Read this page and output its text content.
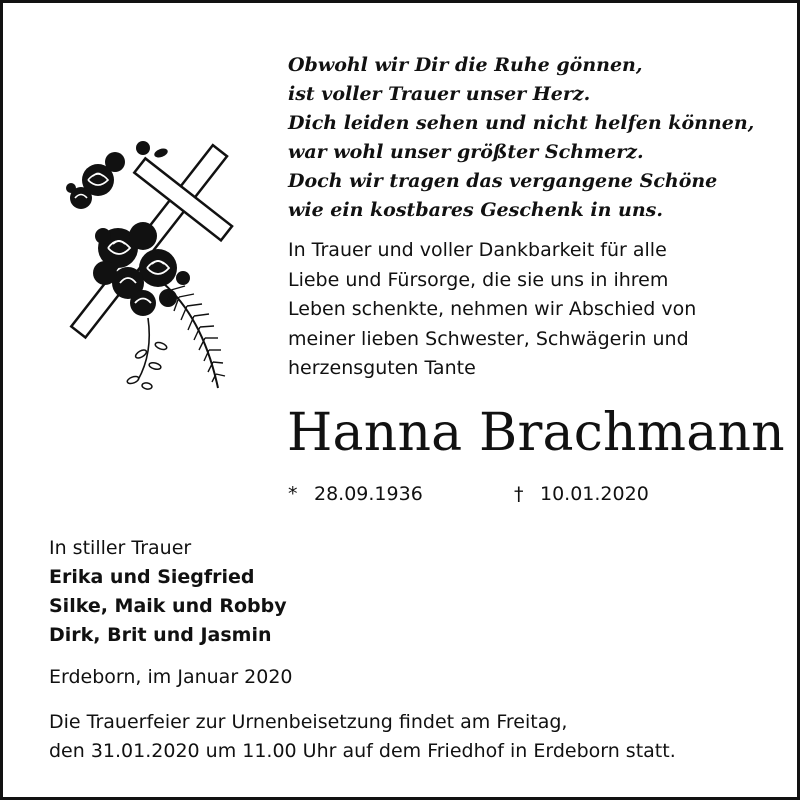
Obwohl wir Dir die Ruhe gönnen,
ist voller Trauer unser Herz.
Dich leiden sehen und nicht helfen können,
war wohl unser größter Schmerz.
Doch wir tragen das vergangene Schöne
wie ein kostbares Geschenk in uns.
In Trauer und voller Dankbarkeit für alle
Liebe und Fürsorge, die sie uns in ihrem
Leben schenkte, nehmen wir Abschied von
meiner lieben Schwester, Schwägerin und
herzensguten Tante
Hanna Brachmann
* 28.09.1936	† 10.01.2020
In stiller Trauer
Erika und Siegfried
Silke, Maik und Robby
Dirk, Brit und Jasmin
Erdeborn, im Januar 2020
Die Trauerfeier zur Urnenbeisetzung findet am Freitag,
den 31.01.2020 um 11.00 Uhr auf dem Friedhof in Erdeborn statt.
